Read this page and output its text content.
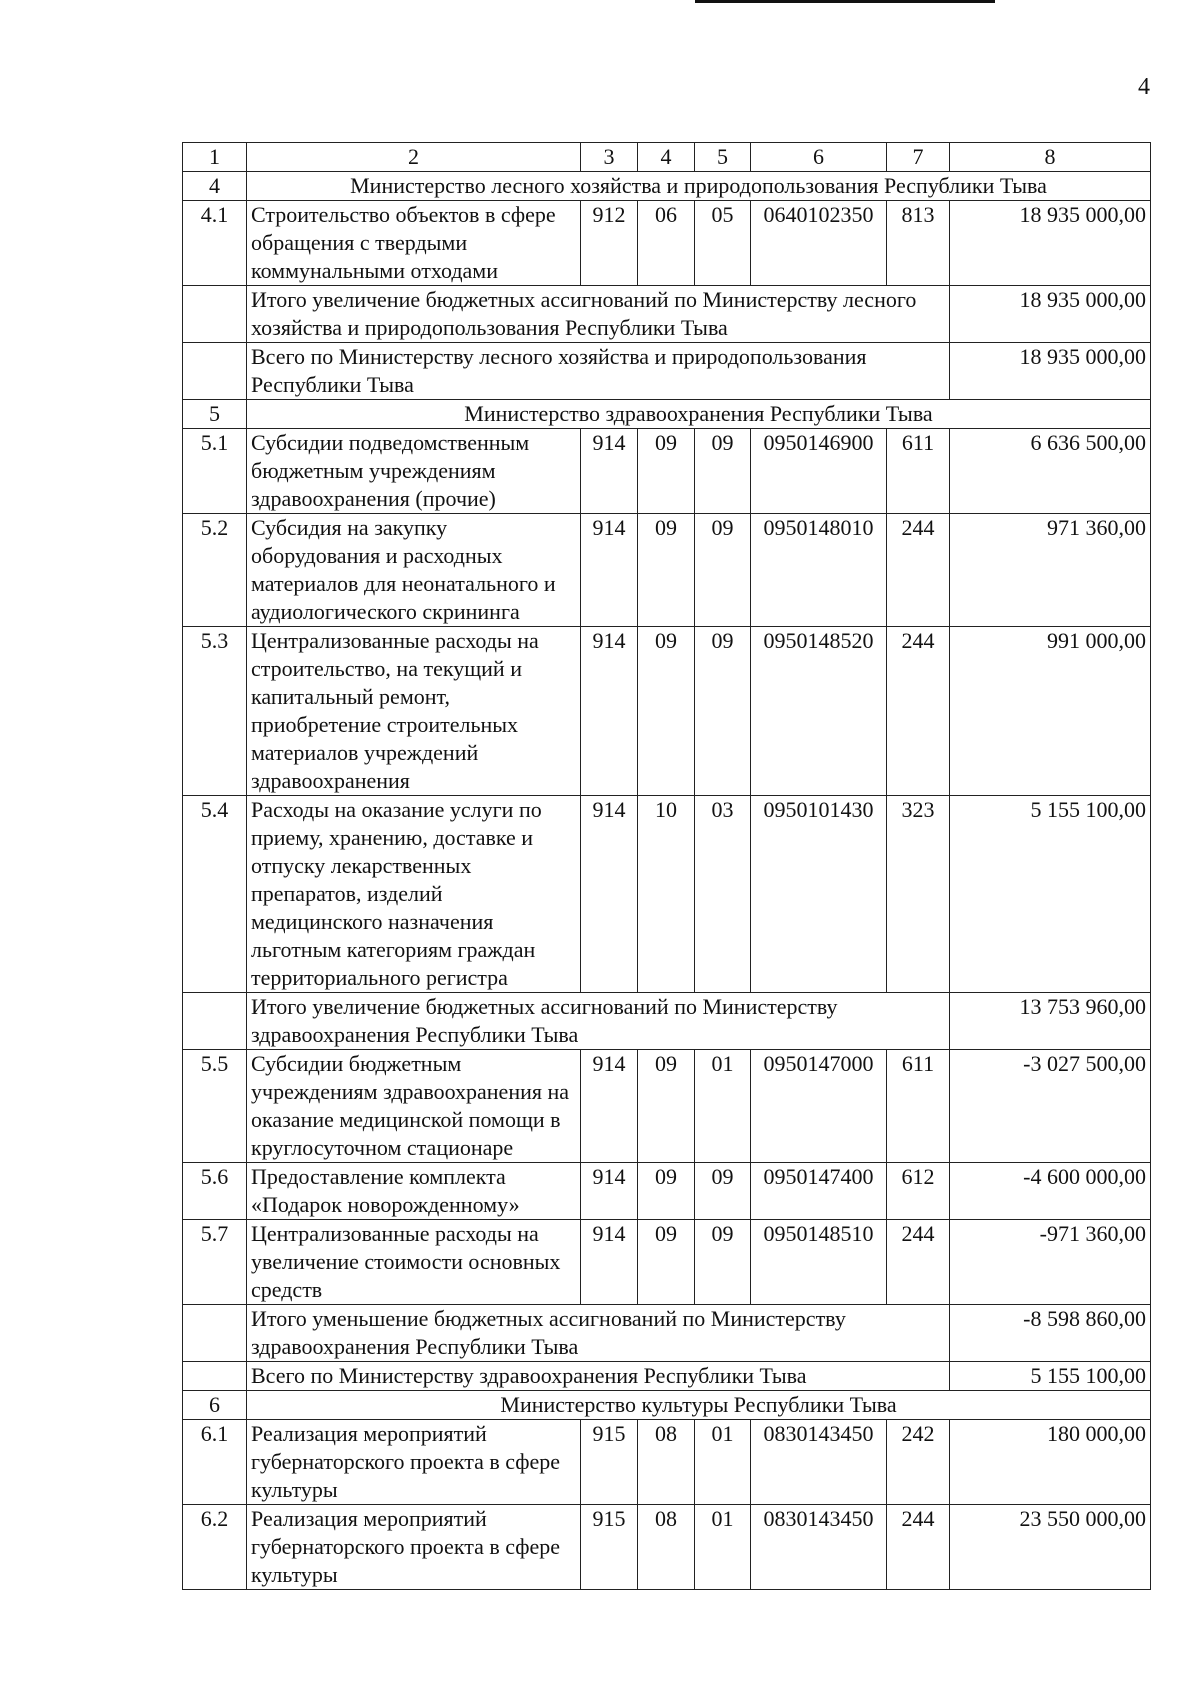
4
1	2	3	4	5	6	7	8
4	Министерство лесного хозяйства и природопользования Республики Тыва						
4.1	Строительство объектов в сфере обращения с твердыми коммунальными отходами	912	06	05	0640102350	813	18 935 000,00
	Итого увеличение бюджетных ассигнований по Министерству лесного хозяйства и природопользования Республики Тыва						18 935 000,00
	Всего по Министерству лесного хозяйства и природопользования Республики Тыва						18 935 000,00
5	Министерство здравоохранения Республики Тыва						
5.1	Субсидии подведомственным бюджетным учреждениям здравоохранения (прочие)	914	09	09	0950146900	611	6 636 500,00
5.2	Субсидия на закупку оборудования и расходных материалов для неонатального и аудиологического скрининга	914	09	09	0950148010	244	971 360,00
5.3	Централизованные расходы на строительство, на текущий и капитальный ремонт, приобретение строительных материалов учреждений здравоохранения	914	09	09	0950148520	244	991 000,00
5.4	Расходы на оказание услуги по приему, хранению, доставке и отпуску лекарственных препаратов, изделий медицинского назначения льготным категориям граждан территориального регистра	914	10	03	0950101430	323	5 155 100,00
	Итого увеличение бюджетных ассигнований по Министерству здравоохранения Республики Тыва						13 753 960,00
5.5	Субсидии бюджетным учреждениям здравоохранения на оказание медицинской помощи в круглосуточном стационаре	914	09	01	0950147000	611	-3 027 500,00
5.6	Предоставление комплекта «Подарок новорожденному»	914	09	09	0950147400	612	-4 600 000,00
5.7	Централизованные расходы на увеличение стоимости основных средств	914	09	09	0950148510	244	-971 360,00
	Итого уменьшение бюджетных ассигнований по Министерству здравоохранения Республики Тыва						-8 598 860,00
	Всего по Министерству здравоохранения Республики Тыва						5 155 100,00
6	Министерство культуры Республики Тыва						
6.1	Реализация мероприятий губернаторского проекта в сфере культуры	915	08	01	0830143450	242	180 000,00
6.2	Реализация мероприятий губернаторского проекта в сфере культуры	915	08	01	0830143450	244	23 550 000,00
